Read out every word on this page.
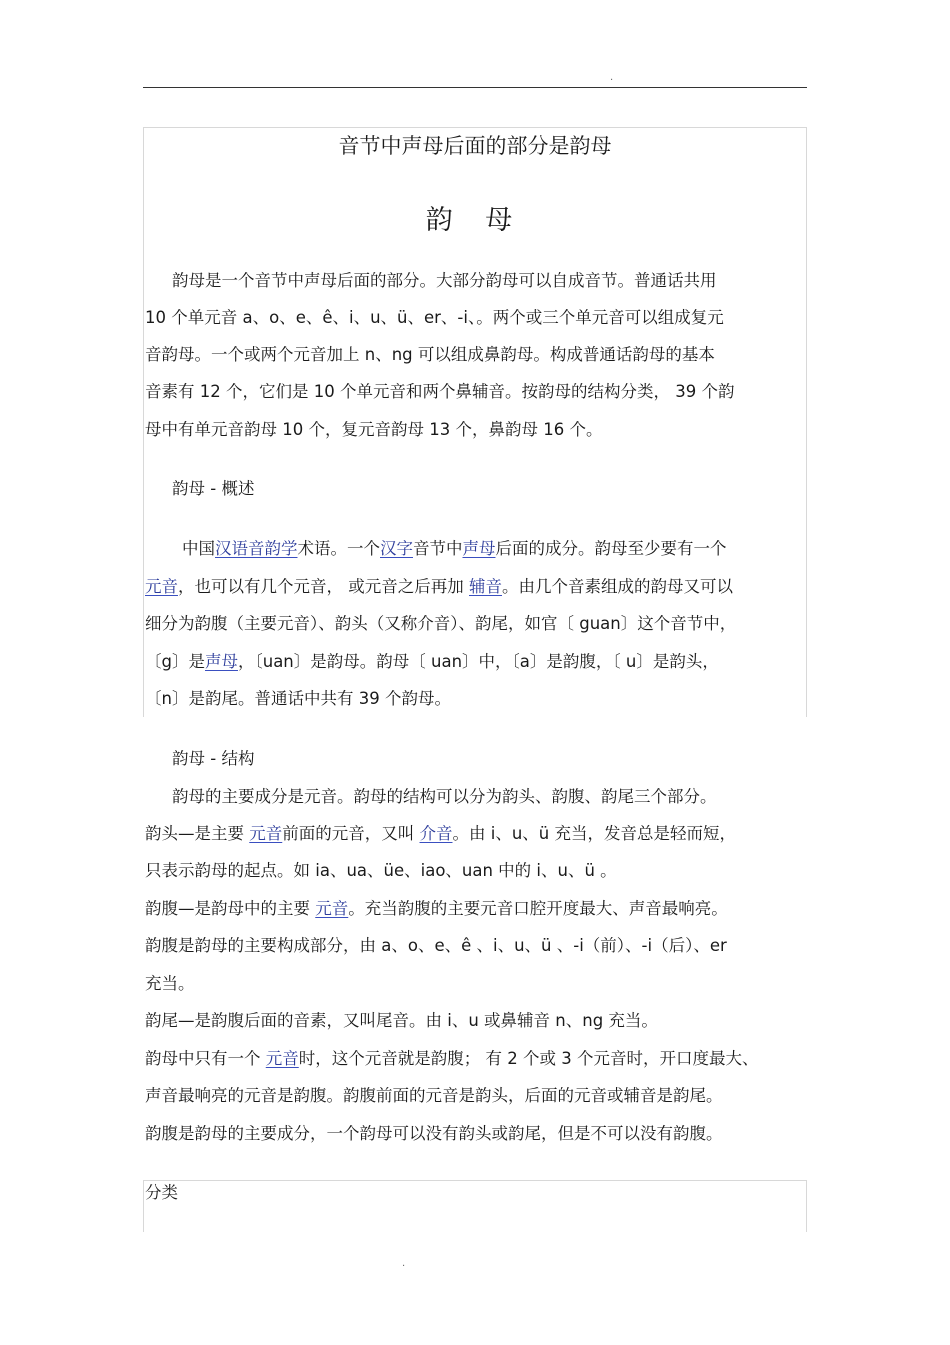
.
音节中声母后面的部分是韵母
韵 母
韵母是一个音节中声母后面的部分。大部分韵母可以自成音节。普通话共用
10 个单元音 a、o、e、ê、i、u、ü、er、-i、。两个或三个单元音可以组成复元
音韵母。一个或两个元音加上 n、ng 可以组成鼻韵母。构成普通话韵母的基本
音素有 12 个，它们是 10 个单元音和两个鼻辅音。按韵母的结构分类， 39 个韵
母中有单元音韵母 10 个，复元音韵母 13 个，鼻韵母 16 个。
韵母 - 概述
中国汉语音韵学术语。一个汉字音节中声母后面的成分。韵母至少要有一个
元音，也可以有几个元音， 或元音之后再加 辅音。由几个音素组成的韵母又可以
细分为韵腹（主要元音）、韵头（又称介音）、韵尾，如官〔 guan〕这个音节中，
〔g〕是声母，〔uan〕是韵母。韵母〔 uan〕中，〔a〕是韵腹，〔 u〕是韵头，
〔n〕是韵尾。普通话中共有 39 个韵母。
韵母 - 结构
韵母的主要成分是元音。韵母的结构可以分为韵头、韵腹、韵尾三个部分。
韵头—是主要 元音前面的元音，又叫 介音。由 i、u、ü 充当，发音总是轻而短，
只表示韵母的起点。如 ia、ua、üe、iao、uan 中的 i、u、ü 。
韵腹—是韵母中的主要 元音。充当韵腹的主要元音口腔开度最大、声音最响亮。
韵腹是韵母的主要构成部分，由 a、o、e、ê 、i、u、ü 、-i（前）、-i（后）、er
充当。
韵尾—是韵腹后面的音素，又叫尾音。由 i、u 或鼻辅音 n、ng 充当。
韵母中只有一个 元音时，这个元音就是韵腹； 有 2 个或 3 个元音时，开口度最大、
声音最响亮的元音是韵腹。韵腹前面的元音是韵头，后面的元音或辅音是韵尾。
韵腹是韵母的主要成分，一个韵母可以没有韵头或韵尾，但是不可以没有韵腹。
分类
.
